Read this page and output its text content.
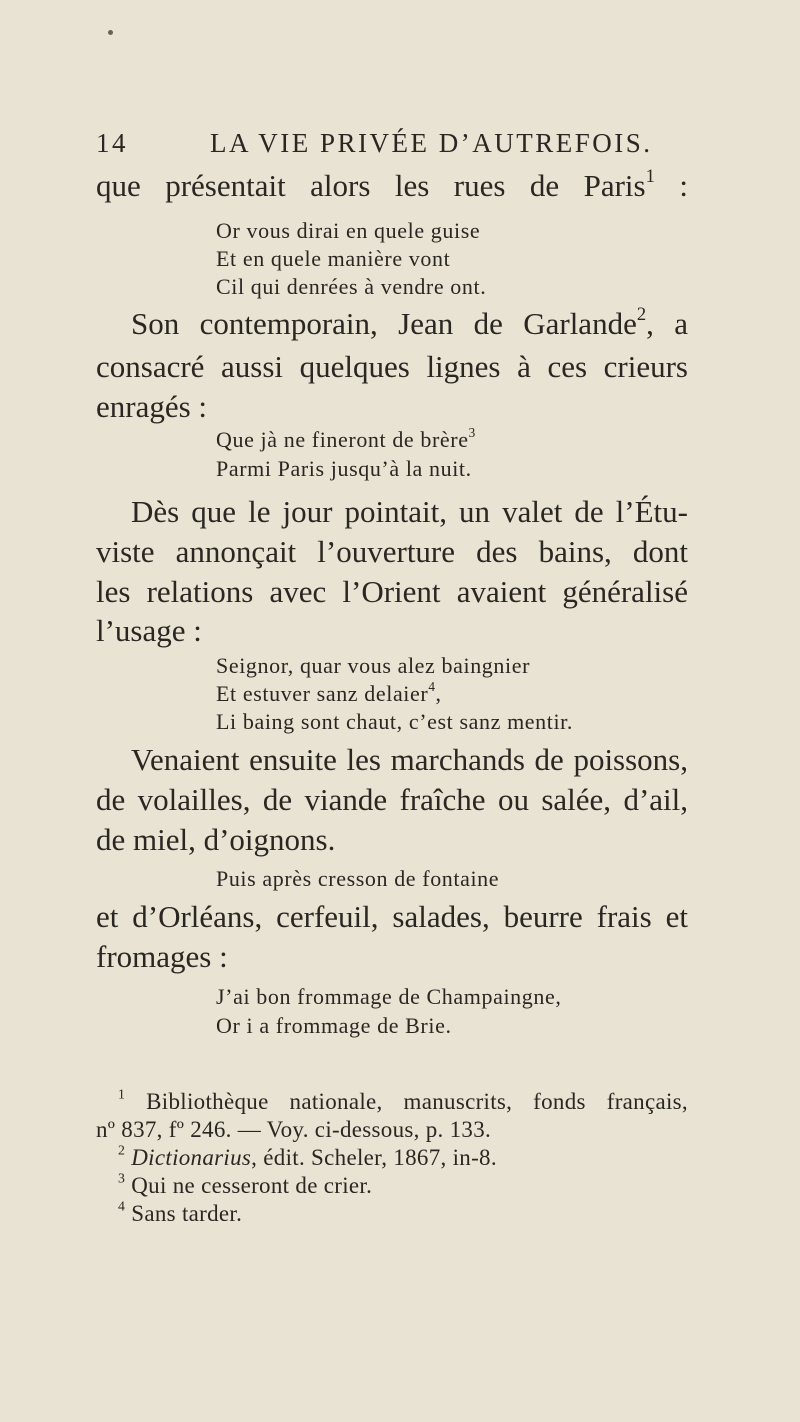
14	LA VIE PRIVÉE D’AUTREFOIS.
que présentait alors les rues de Paris$^1$ :
Or vous dirai en quele guise
Et en quele manière vont
Cil qui denrées à vendre ont.
Son contemporain, Jean de Garlande$^2$, a
consacré aussi quelques lignes à ces crieurs
enragés :
Que jà ne fineront de brère$^3$
Parmi Paris jusqu’à la nuit.
Dès que le jour pointait, un valet de l’Étu-
viste annonçait l’ouverture des bains, dont
les relations avec l’Orient avaient généralisé
l’usage :
Seignor, quar vous alez baingnier
Et estuver sanz delaier$^4$,
Li baing sont chaut, c’est sanz mentir.
Venaient ensuite les marchands de poissons,
de volailles, de viande fraîche ou salée, d’ail,
de miel, d’oignons.
Puis après cresson de fontaine
et d’Orléans, cerfeuil, salades, beurre frais et
fromages :
J’ai bon frommage de Champaingne,
Or i a frommage de Brie.
$^1$ Bibliothèque nationale, manuscrits, fonds français,
nº 837, fº 246. — Voy. ci-dessous, p. 133.
$^2$ Dictionarius, édit. Scheler, 1867, in-8.
$^3$ Qui ne cesseront de crier.
$^4$ Sans tarder.
